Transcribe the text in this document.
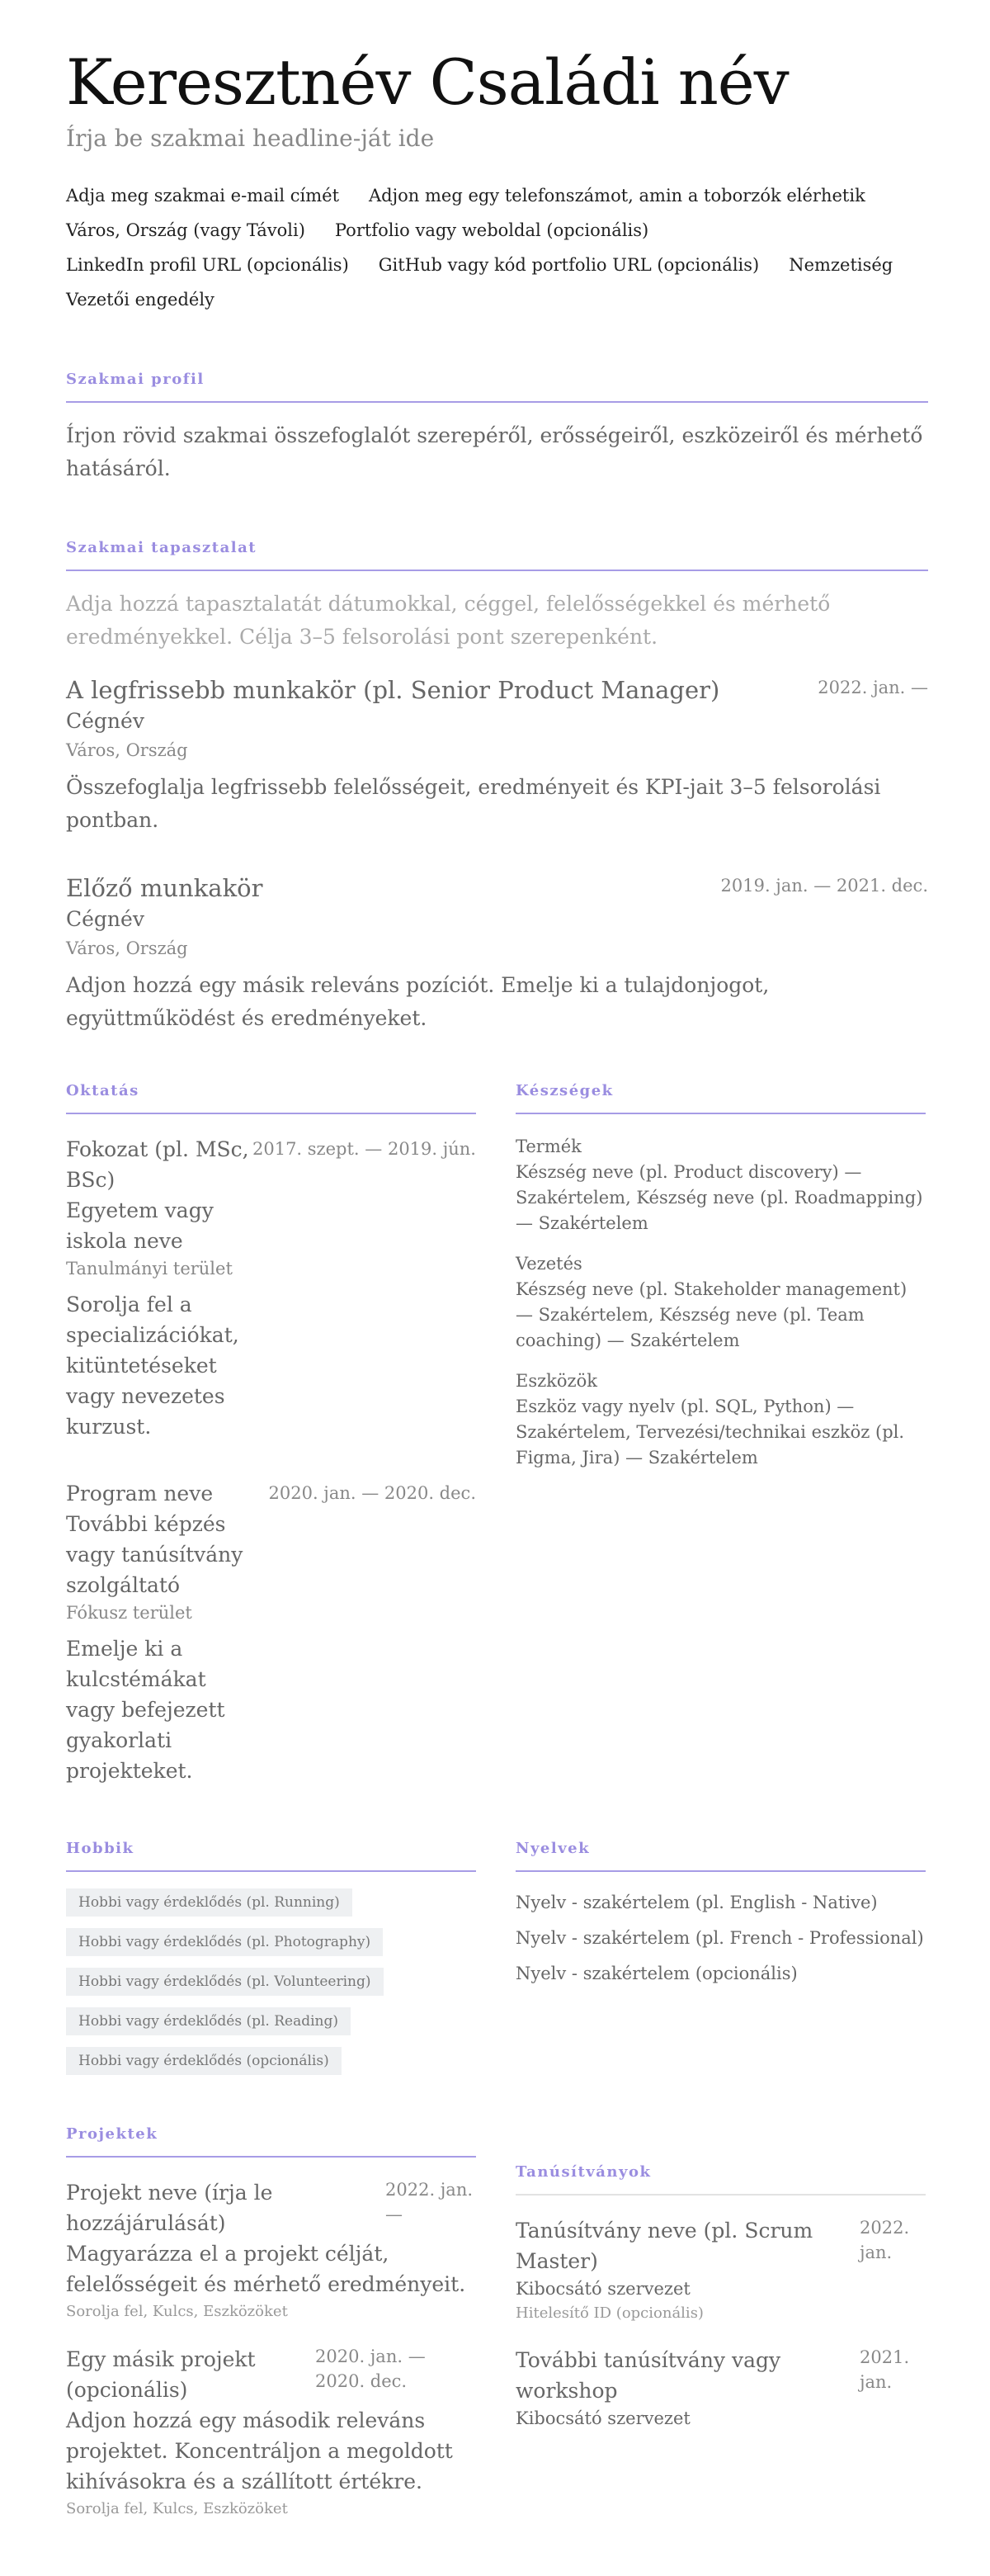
Keresztnév Családi név
Írja be szakmai headline-ját ide
Adja meg szakmai e-mail címét Adjon meg egy telefonszámot, amin a toborzók elérhetik
Város, Ország (vagy Távoli) Portfolio vagy weboldal (opcionális)
LinkedIn profil URL (opcionális) GitHub vagy kód portfolio URL (opcionális) Nemzetiség
Vezetői engedély
Szakmai profil

Írjon rövid szakmai összefoglalót szerepéről, erősségeiről, eszközeiről és mérhető hatásáról.

Szakmai tapasztalat

Adja hozzá tapasztalatát dátumokkal, céggel, felelősségekkel és mérhető eredményekkel. Célja 3–5 felsorolási pont szerepenként.

A legfrissebb munkakör (pl. Senior Product Manager)	2022. jan. —
Cégnév
Város, Ország

Összefoglalja legfrissebb felelősségeit, eredményeit és KPI-jait 3–5 felsorolási pontban.

Előző munkakör	2019. jan. — 2021. dec.
Cégnév
Város, Ország

Adjon hozzá egy másik releváns pozíciót. Emelje ki a tulajdonjogot, együttműködést és eredményeket.

Oktatás
Fokozat (pl. MSc, BSc)
Egyetem vagy iskola neve
Tanulmányi terület
Sorolja fel a specializációkat, kitüntetéseket vagy nevezetes kurzust.
2017. szept. — 2019. jún.
Program neve
További képzés vagy tanúsítvány szolgáltató
Fókusz terület
Emelje ki a kulcstémákat vagy befejezett gyakorlati projekteket.
2020. jan. — 2020. dec.
Készségek
Termék
Készség neve (pl. Product discovery) — Szakértelem, Készség neve (pl. Roadmapping) — Szakértelem
Vezetés
Készség neve (pl. Stakeholder management) — Szakértelem, Készség neve (pl. Team coaching) — Szakértelem
Eszközök
Eszköz vagy nyelv (pl. SQL, Python) — Szakértelem, Tervezési/technikai eszköz (pl. Figma, Jira) — Szakértelem
Hobbik
Hobbi vagy érdeklődés (pl. Running)
Hobbi vagy érdeklődés (pl. Photography)
Hobbi vagy érdeklődés (pl. Volunteering)
Hobbi vagy érdeklődés (pl. Reading)
Hobbi vagy érdeklődés (opcionális)
Nyelvek
Nyelv - szakértelem (pl. English - Native)
Nyelv - szakértelem (pl. French - Professional)
Nyelv - szakértelem (opcionális)
Projektek
Projekt neve (írja le hozzájárulását)
Magyarázza el a projekt célját, felelősségeit és mérhető eredményeit.
Sorolja fel, Kulcs, Eszközöket
2022. jan. —
Egy másik projekt (opcionális)
Adjon hozzá egy második releváns projektet. Koncentráljon a megoldott kihívásokra és a szállított értékre.
Sorolja fel, Kulcs, Eszközöket
2020. jan. — 2020. dec.
Tanúsítványok
Tanúsítvány neve (pl. Scrum Master)
Kibocsátó szervezet
Hitelesítő ID (opcionális)
2022. jan.
További tanúsítvány vagy workshop
Kibocsátó szervezet
2021. jan.
